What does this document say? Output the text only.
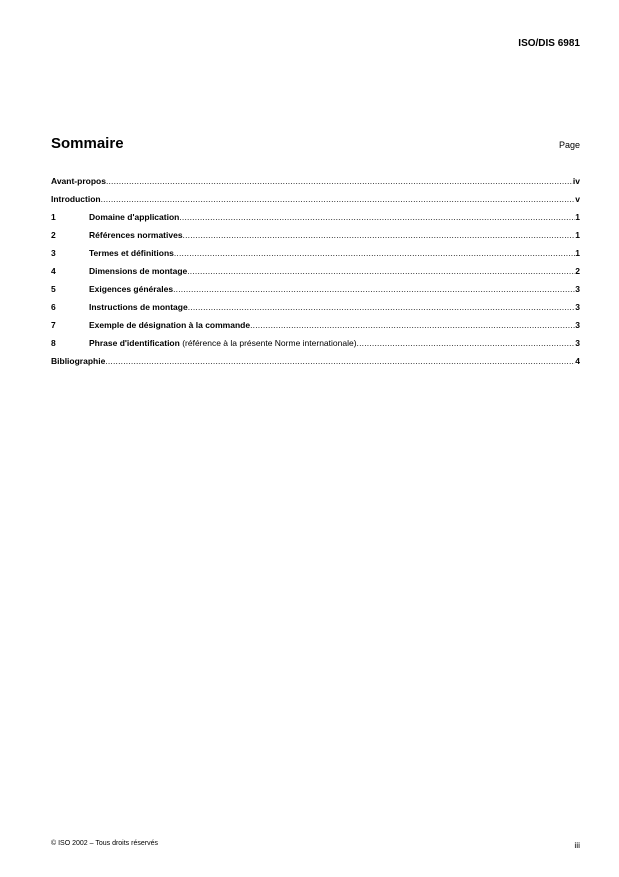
ISO/DIS 6981
Sommaire	Page
Avant-propos .....	iv
Introduction .....	v
1	Domaine d'application .....	1
2	Références normatives .....	1
3	Termes et définitions .....	1
4	Dimensions de montage .....	2
5	Exigences générales .....	3
6	Instructions de montage .....	3
7	Exemple de désignation à la commande .....	3
8	Phrase d'identification (référence à la présente Norme internationale) .....	3
Bibliographie .....	4
© ISO 2002 – Tous droits réservés	iii
